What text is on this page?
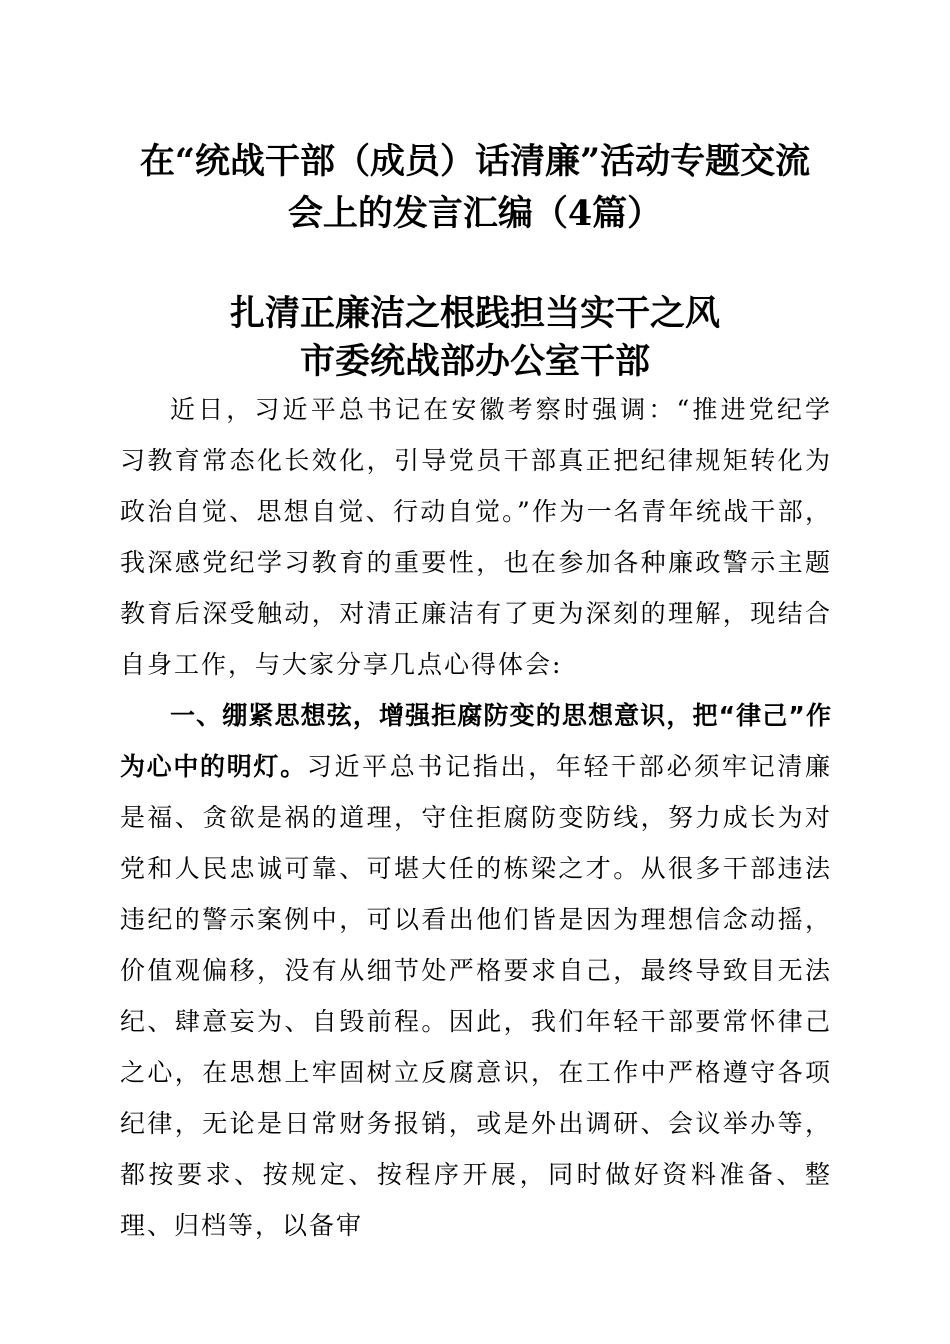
在“统战干部（成员）话清廉”活动专题交流
会上的发言汇编（4篇）
扎清正廉洁之根践担当实干之风
市委统战部办公室干部

近日，习近平总书记在安徽考察时强调：“推进党纪学习教育常态化长效化，引导党员干部真正把纪律规矩转化为政治自觉、思想自觉、行动自觉。”作为一名青年统战干部，我深感党纪学习教育的重要性，也在参加各种廉政警示主题教育后深受触动，对清正廉洁有了更为深刻的理解，现结合自身工作，与大家分享几点心得体会:

一、绷紧思想弦，增强拒腐防变的思想意识，把“律己”作为心中的明灯。习近平总书记指出，年轻干部必须牢记清廉是福、贪欲是祸的道理，守住拒腐防变防线，努力成长为对党和人民忠诚可靠、可堪大任的栋梁之才。从很多干部违法违纪的警示案例中，可以看出他们皆是因为理想信念动摇，价值观偏移，没有从细节处严格要求自己，最终导致目无法纪、肆意妄为、自毁前程。因此，我们年轻干部要常怀律己之心，在思想上牢固树立反腐意识，在工作中严格遵守各项纪律，无论是日常财务报销，或是外出调研、会议举办等，都按要求、按规定、按程序开展，同时做好资料准备、整理、归档等，以备审
